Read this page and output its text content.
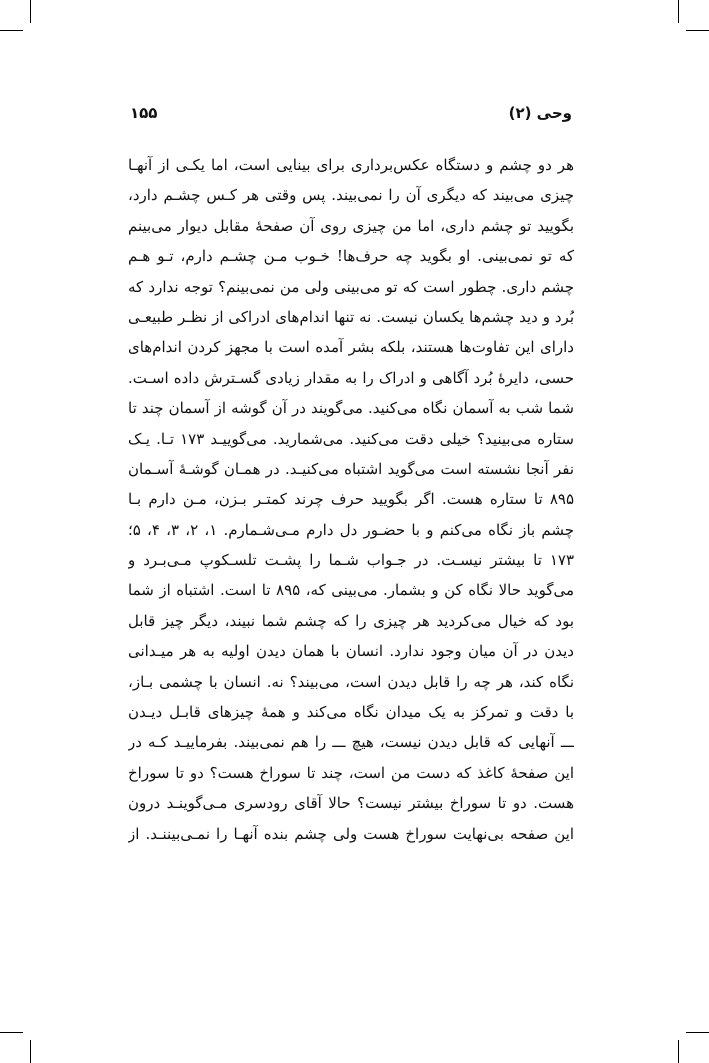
وحی (۲)
۱۵۵
هر دو چشم و دستگاه عکس‌برداری برای بینایی است، اما یکـی از آنهـا
چیزی می‌بیند که دیگری آن را نمی‌بیند. پس وقتی هر کـس چشـم دارد،
بگویید تو چشم داری، اما من چیزی روی آن صفحهٔ مقابل دیوار می‌بینم
که تو نمی‌بینی. او بگوید چه حرف‌ها! خـوب مـن چشـم دارم، تـو هـم
چشم داری. چطور است که تو می‌بینی ولی من نمی‌بینم؟ توجه ندارد که
بُرد و دید چشم‌ها یکسان نیست. نه تنها اندام‌های ادراکی از نظـر طبیعـی
دارای این تفاوت‌ها هستند، بلکه بشر آمده است با مجهز کردن اندام‌های
حسی، دایرهٔ بُرد آگاهی و ادراک را به مقدار زیادی گسـترش داده اسـت.
شما شب به آسمان نگاه می‌کنید. می‌گویند در آن گوشه از آسمان چند تا
ستاره می‌بینید؟ خیلی دقت می‌کنید. می‌شمارید. می‌گوییـد ۱۷۳ تـا. یـک
نفر آنجا نشسته است می‌گوید اشتباه می‌کنیـد. در همـان گوشـهٔ آسـمان
۸۹۵ تا ستاره هست. اگر بگویید حرف چرند کمتـر بـزن، مـن دارم بـا
چشم باز نگاه می‌کنم و با حضـور دل دارم مـی‌شـمارم. ۱، ۲، ۳، ۴، ۵؛
۱۷۳ تا بیشتر نیسـت. در جـواب شـما را پشـت تلسـکوپ مـی‌بـرد و
می‌گوید حالا نگاه کن و بشمار. می‌بینی که، ۸۹۵ تا است. اشتباه از شما
بود که خیال می‌کردید هر چیزی را که چشم شما نبیند، دیگر چیز قابل
دیدن در آن میان وجود ندارد. انسان با همان دیدن اولیه به هر میـدانی
نگاه کند، هر چه را قابل دیدن است، می‌بیند؟ نه. انسان با چشمی بـاز،
با دقت و تمرکز به یک میدان نگاه می‌کند و همهٔ چیزهای قابـل دیـدن
ـــ آنهایی که قابل دیدن نیست، هیچ ـــ را هم نمی‌بیند. بفرماییـد کـه در
این صفحهٔ کاغذ که دست من است، چند تا سوراخ هست؟ دو تا سوراخ
هست. دو تا سوراخ بیشتر نیست؟ حالا آقای رودسری مـی‌گوینـد درون
این صفحه بی‌نهایت سوراخ هست ولی چشم بنده آنهـا را نمـی‌بیننـد. از
